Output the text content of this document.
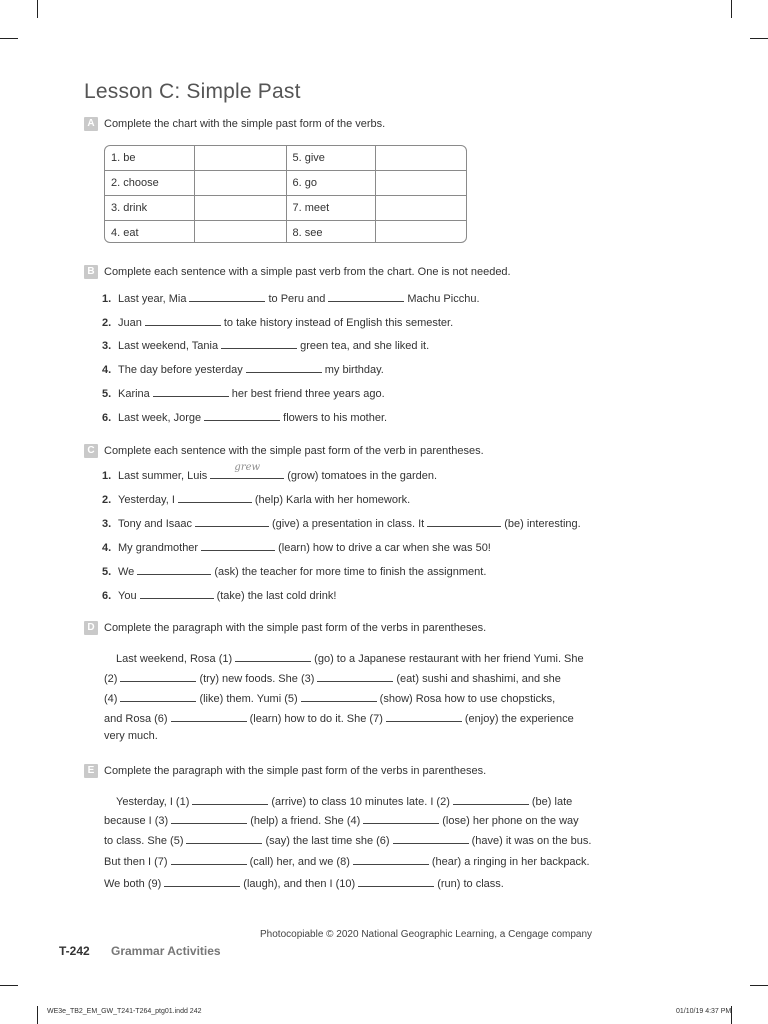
Lesson C: Simple Past
A Complete the chart with the simple past form of the verbs.
1. be		5. give	
2. choose		6. go	
3. drink		7. meet	
4. eat		8. see	
B Complete each sentence with a simple past verb from the chart. One is not needed.
1. Last year, Mia	to Peru and	Machu Picchu.
2. Juan	to take history instead of English this semester.
3. Last weekend, Tania	green tea, and she liked it.
4. The day before yesterday	my birthday.
5. Karina	her best friend three years ago.
6. Last week, Jorge	flowers to his mother.
C Complete each sentence with the simple past form of the verb in parentheses.
1. Last summer, Luis
grew
(grow) tomatoes in the garden.
2. Yesterday, I	(help) Karla with her homework.
3. Tony and Isaac	(give) a presentation in class. It	(be) interesting.
4. My grandmother	(learn) how to drive a car when she was 50!
5. We	(ask) the teacher for more time to finish the assignment.
6. You	(take) the last cold drink!
D Complete the paragraph with the simple past form of the verbs in parentheses.
Last weekend, Rosa (1)	(go) to a Japanese restaurant with her friend Yumi. She
(2)	(try) new foods. She (3)	(eat) sushi and shashimi, and she
(4)	(like) them. Yumi (5)	(show) Rosa how to use chopsticks,
and Rosa (6)	(learn) how to do it. She (7)	(enjoy) the experience
very much.
E Complete the paragraph with the simple past form of the verbs in parentheses.
Yesterday, I (1)	(arrive) to class 10 minutes late. I (2)	(be) late
because I (3)	(help) a friend. She (4)	(lose) her phone on the way
to class. She (5)	(say) the last time she (6)	(have) it was on the bus.
But then I (7)	(call) her, and we (8)	(hear) a ringing in her backpack.
We both (9)	(laugh), and then I (10)	(run) to class.
Photocopiable © 2020 National Geographic Learning, a Cengage company
T-242 Grammar Activities
WE3e_TB2_EM_GW_T241-T264_ptg01.indd 242	01/10/19 4:37 PM
